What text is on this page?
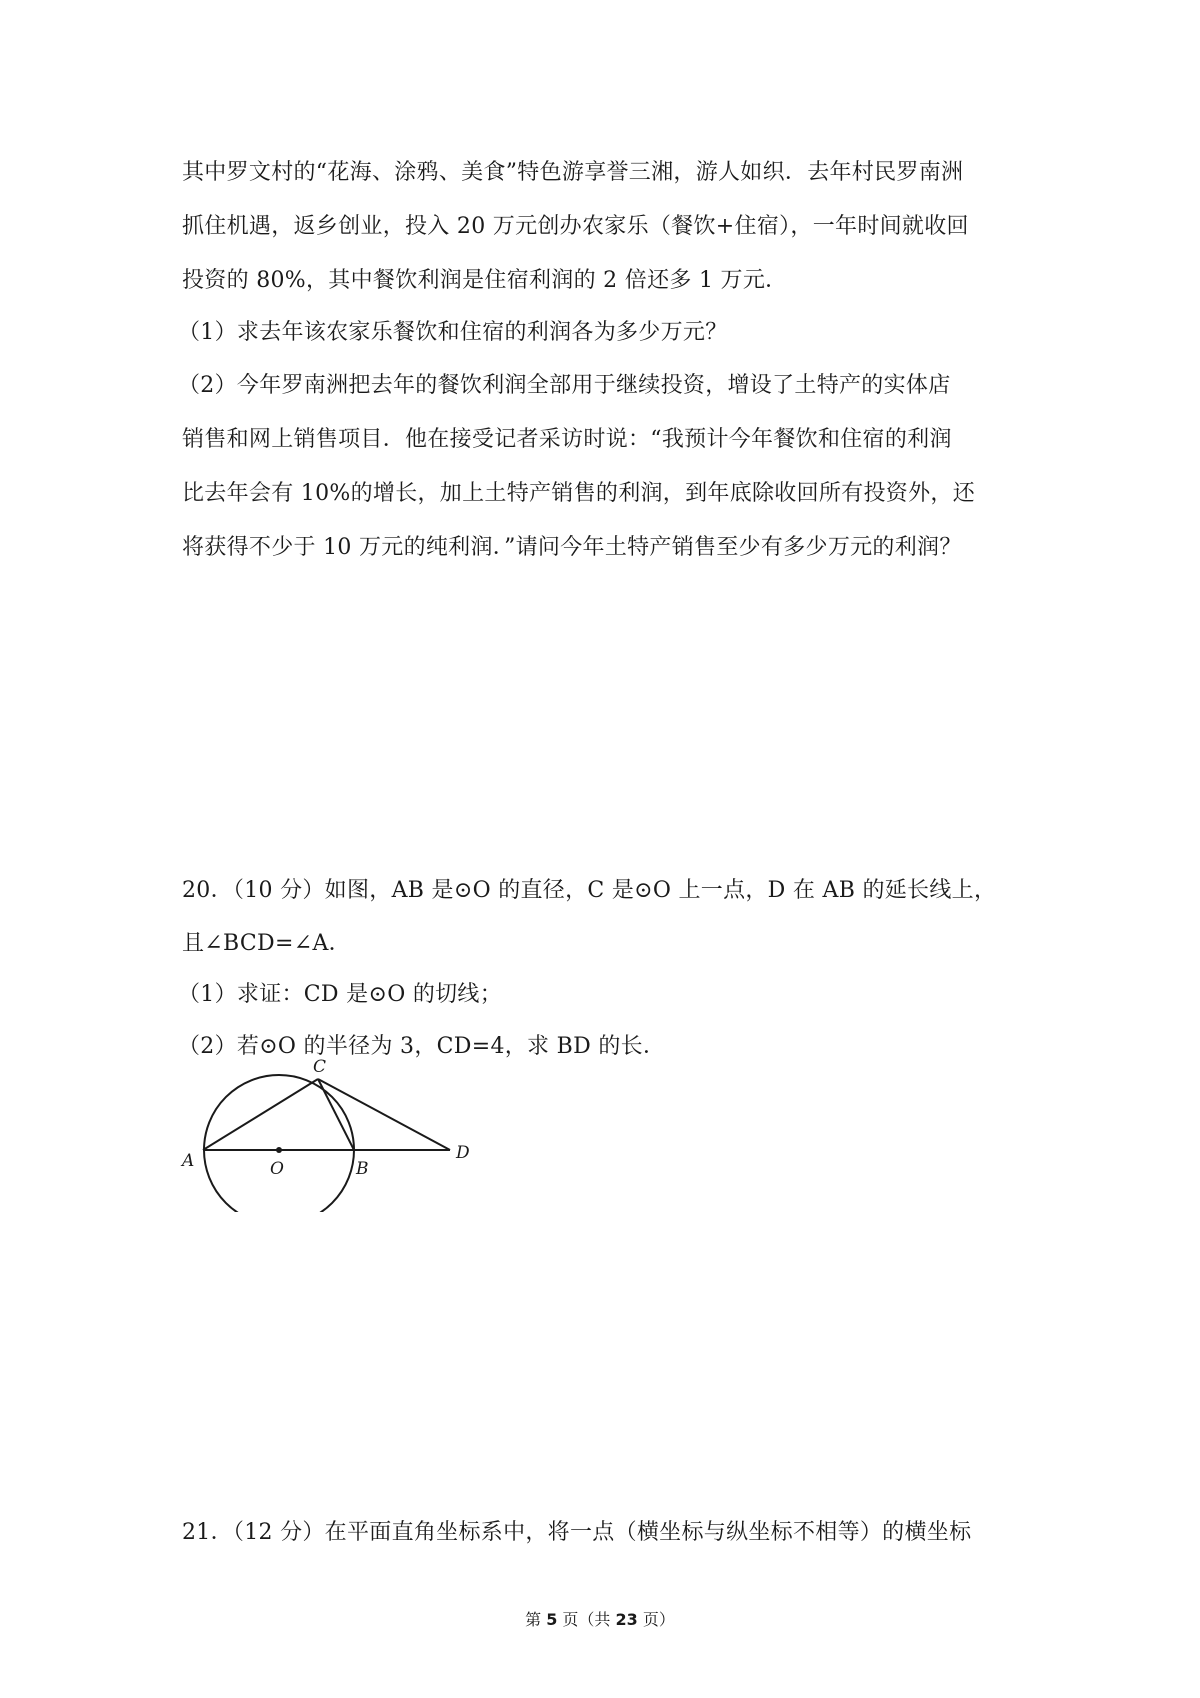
其中罗文村的“花海、涂鸦、美食”特色游享誉三湘，游人如织．去年村民罗南洲
抓住机遇，返乡创业，投入 20 万元创办农家乐（餐饮+住宿），一年时间就收回
投资的 80%，其中餐饮利润是住宿利润的 2 倍还多 1 万元．
（1）求去年该农家乐餐饮和住宿的利润各为多少万元？
（2）今年罗南洲把去年的餐饮利润全部用于继续投资，增设了土特产的实体店
销售和网上销售项目．他在接受记者采访时说：“我预计今年餐饮和住宿的利润
比去年会有 10%的增长，加上土特产销售的利润，到年底除收回所有投资外，还
将获得不少于 10 万元的纯利润．”请问今年土特产销售至少有多少万元的利润？
20．（10 分）如图，AB 是⊙O 的直径，C 是⊙O 上一点，D 在 AB 的延长线上，
且∠BCD=∠A．
（1）求证：CD 是⊙O 的切线；
（2）若⊙O 的半径为 3，CD=4，求 BD 的长．
A	O	B
C
D
21．（12 分）在平面直角坐标系中，将一点（横坐标与纵坐标不相等）的横坐标
第 5 页（共 23 页）
